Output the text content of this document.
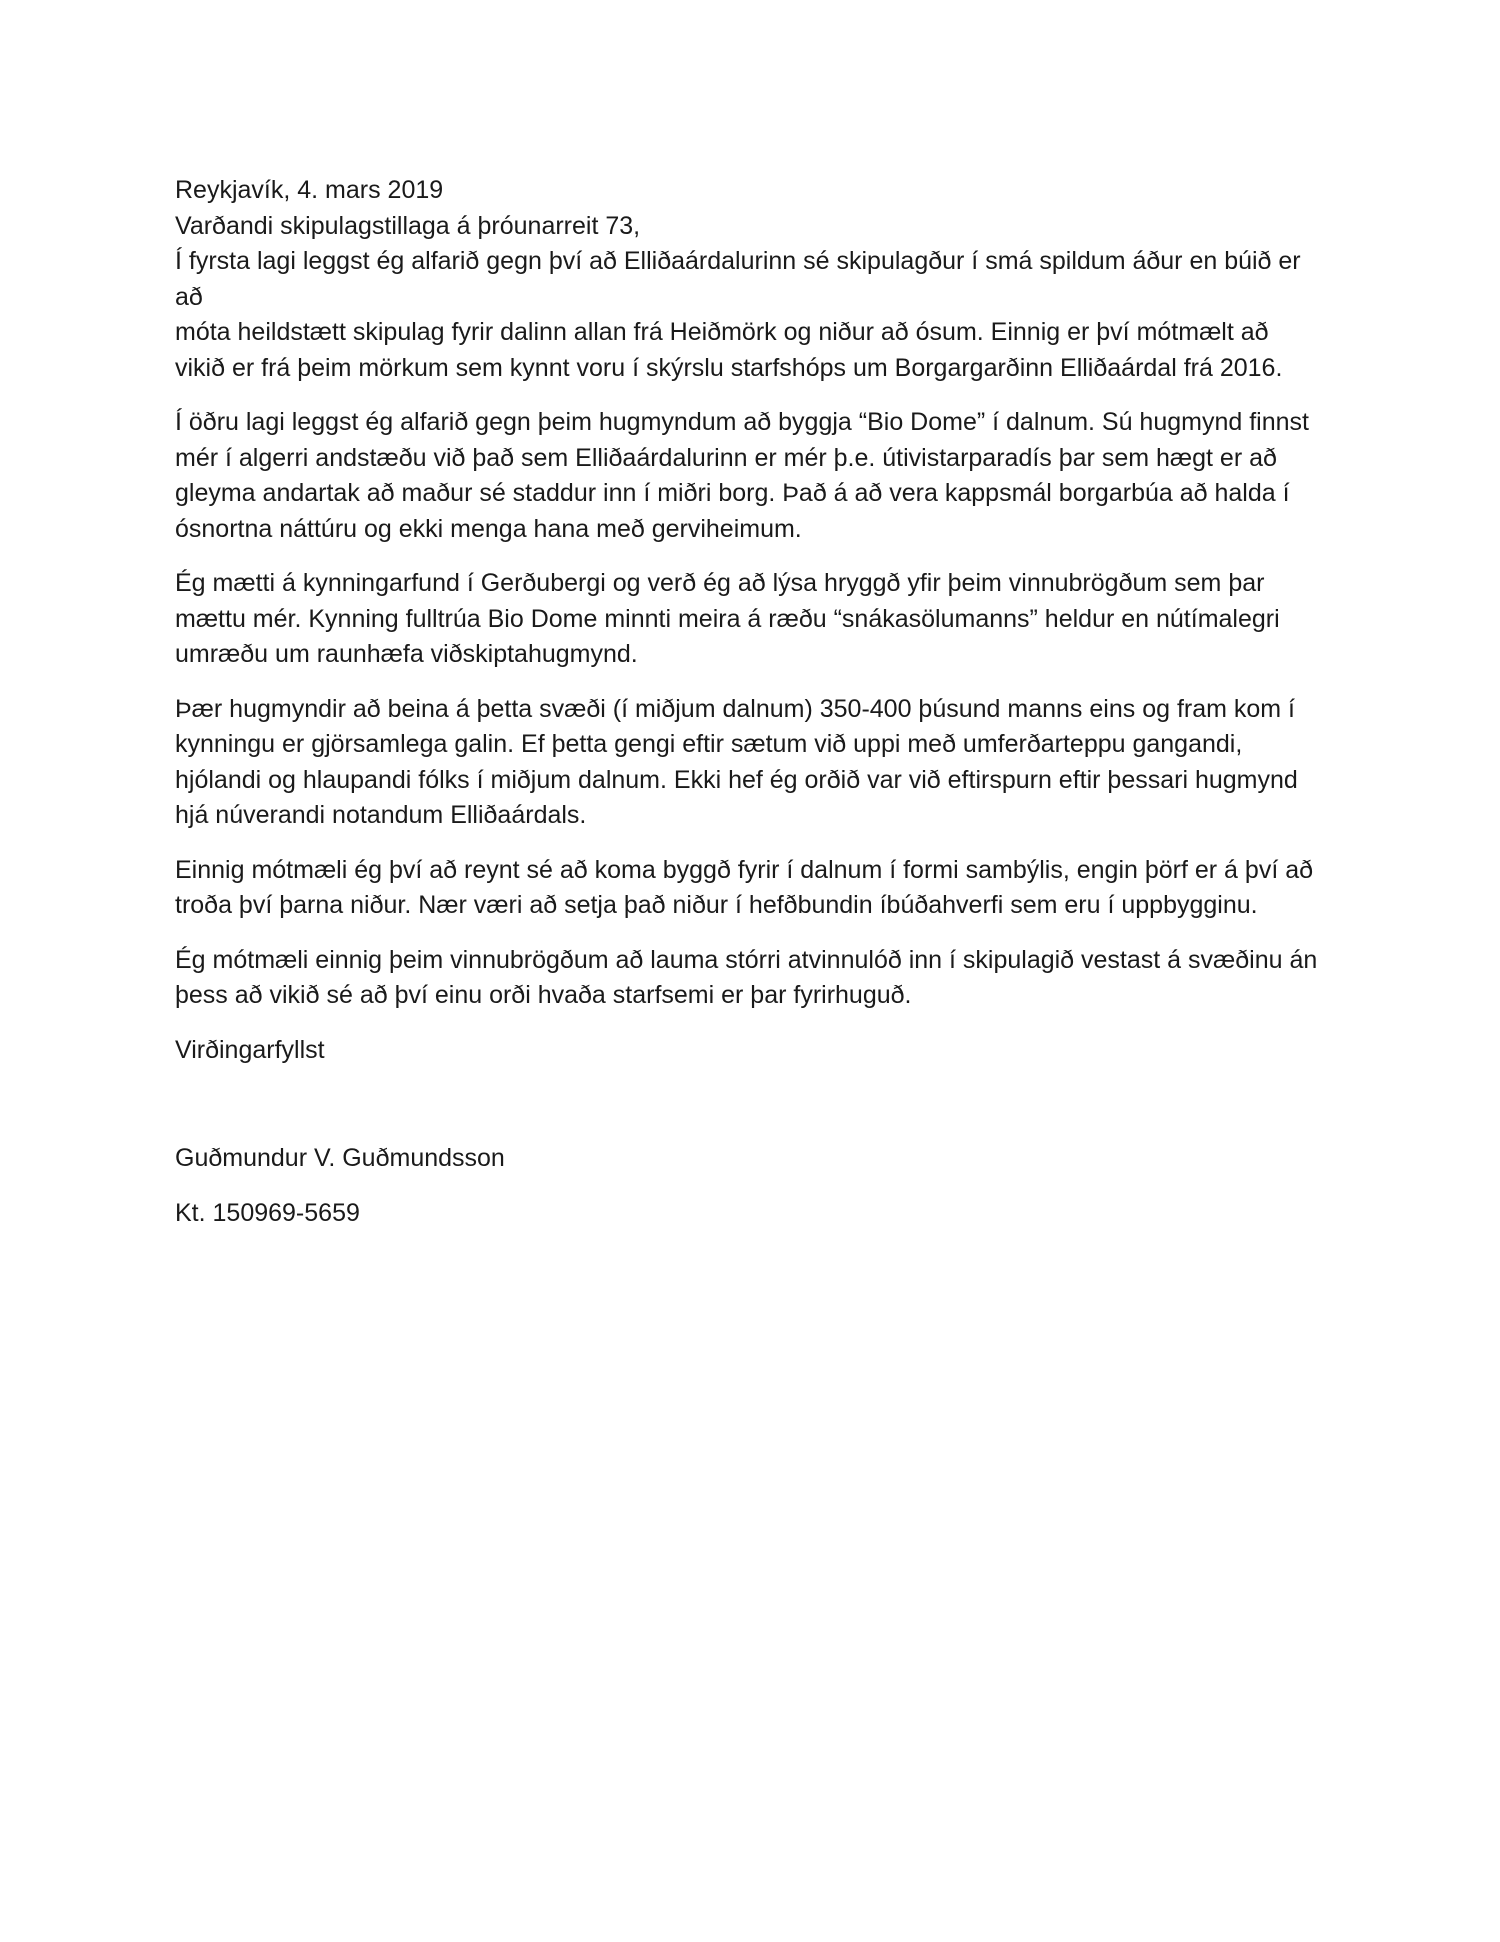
Reykjavík, 4. mars 2019

Varðandi skipulagstillaga á þróunarreit 73,

Í fyrsta lagi leggst ég alfarið gegn því að Elliðaárdalurinn sé skipulagður í smá spildum áður en búið er að
móta heildstætt skipulag fyrir dalinn allan frá Heiðmörk og niður að ósum. Einnig er því mótmælt að
vikið er frá þeim mörkum sem kynnt voru í skýrslu starfshóps um Borgargarðinn Elliðaárdal frá 2016.

Í öðru lagi leggst ég alfarið gegn þeim hugmyndum að byggja “Bio Dome” í dalnum. Sú hugmynd finnst
mér í algerri andstæðu við það sem Elliðaárdalurinn er mér þ.e. útivistarparadís þar sem hægt er að
gleyma andartak að maður sé staddur inn í miðri borg. Það á að vera kappsmál borgarbúa að halda í
ósnortna náttúru og ekki menga hana með gerviheimum.

Ég mætti á kynningarfund í Gerðubergi og verð ég að lýsa hryggð yfir þeim vinnubrögðum sem þar
mættu mér. Kynning fulltrúa Bio Dome minnti meira á ræðu “snákasölumanns” heldur en nútímalegri
umræðu um raunhæfa viðskiptahugmynd.

Þær hugmyndir að beina á þetta svæði (í miðjum dalnum) 350-400 þúsund manns eins og fram kom í
kynningu er gjörsamlega galin. Ef þetta gengi eftir sætum við uppi með umferðarteppu gangandi,
hjólandi og hlaupandi fólks í miðjum dalnum. Ekki hef ég orðið var við eftirspurn eftir þessari hugmynd
hjá núverandi notandum Elliðaárdals.

Einnig mótmæli ég því að reynt sé að koma byggð fyrir í dalnum í formi sambýlis, engin þörf er á því að
troða því þarna niður. Nær væri að setja það niður í hefðbundin íbúðahverfi sem eru í uppbygginu.

Ég mótmæli einnig þeim vinnubrögðum að lauma stórri atvinnulóð inn í skipulagið vestast á svæðinu án
þess að vikið sé að því einu orði hvaða starfsemi er þar fyrirhuguð.

Virðingarfyllst

Guðmundur V. Guðmundsson

Kt. 150969-5659
